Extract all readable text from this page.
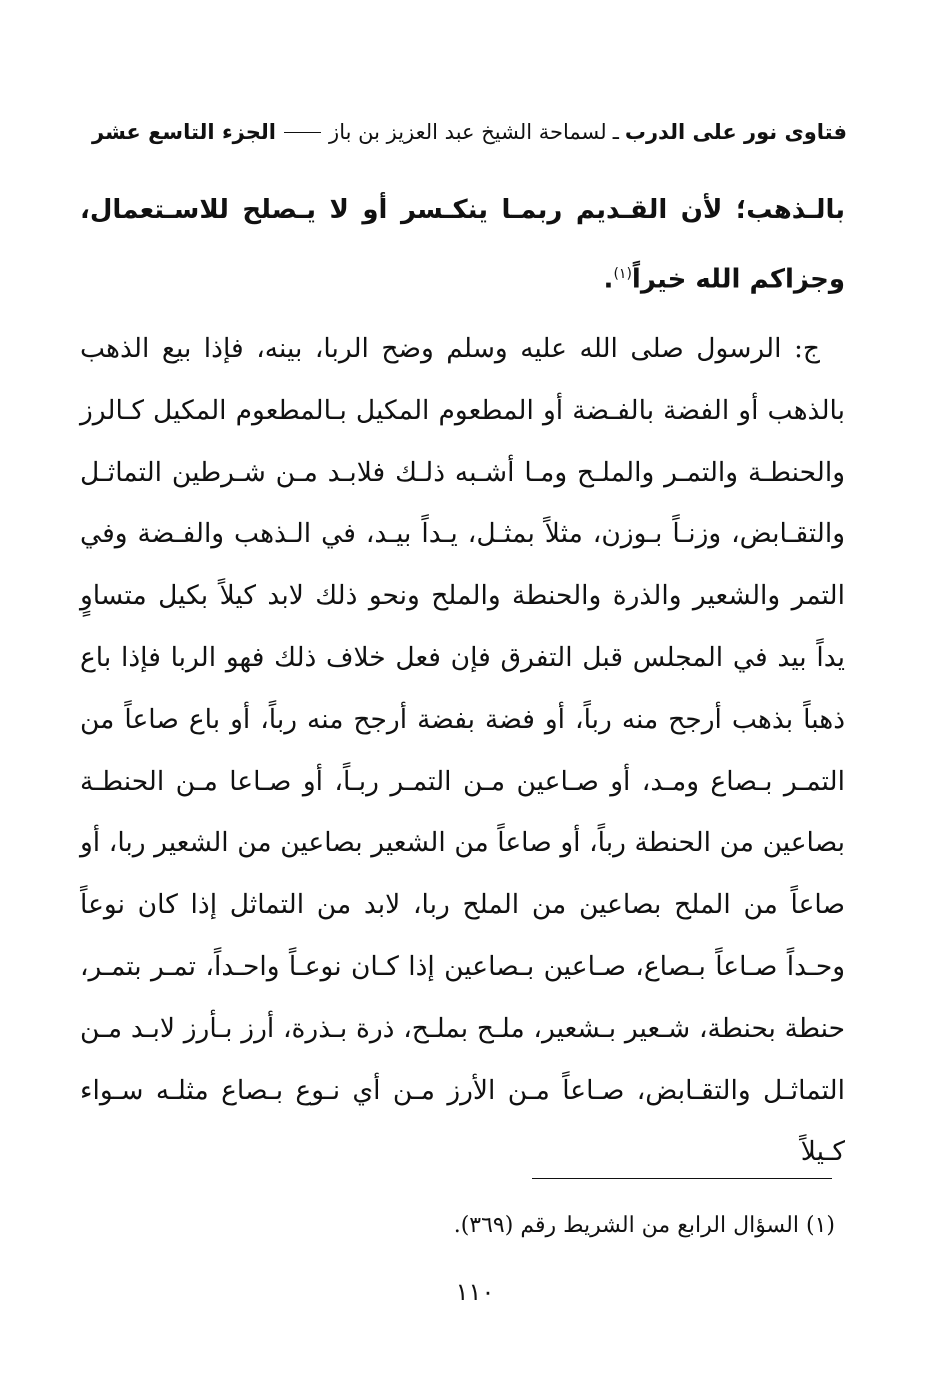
فتاوى نور على الدرب
ـ
لسماحة الشيخ عبد العزيز بن باز
الجزء التاسع عشر
بالـذهب؛ لأن القـديم ربمـا ينكـسر أو لا يـصلح للاسـتعمال، وجزاكم الله خيراً$^{(١)}$.
ج: الرسول صلى الله عليه وسلم وضح الربا، بينه، فإذا بيع الذهب بالذهب أو الفضة بالفـضة أو المطعوم المكيل بـالمطعوم المكيل كـالرز والحنطـة والتمـر والملـح ومـا أشـبه ذلـك فلابـد مـن شـرطين التماثـل والتقـابض، وزنـاً بـوزن، مثلاً بمثـل، يـداً بيـد، في الـذهب والفـضة وفي التمر والشعير والذرة والحنطة والملح ونحو ذلك لابد كيلاً بكيل متساوٍ يداً بيد في المجلس قبل التفرق فإن فعل خلاف ذلك فهو الربا فإذا باع ذهباً بذهب أرجح منه رباً، أو فضة بفضة أرجح منه رباً، أو باع صاعاً من التمـر بـصاع ومـد، أو صـاعين مـن التمـر ربـاً، أو صـاعا مـن الحنطـة بصاعين من الحنطة رباً، أو صاعاً من الشعير بصاعين من الشعير ربا، أو صاعاً من الملح بصاعين من الملح ربا، لابد من التماثل إذا كان نوعاً وحـداً صـاعاً بـصاع، صـاعين بـصاعين إذا كـان نوعـاً واحـداً، تمـر بتمـر، حنطة بحنطة، شـعير بـشعير، ملـح بملـح، ذرة بـذرة، أرز بـأرز لابـد مـن التماثـل والتقـابض، صـاعاً مـن الأرز مـن أي نـوع بـصاع مثلـه سـواء كـيلاً
(١) السؤال الرابع من الشريط رقم (٣٦٩).
١١٠
